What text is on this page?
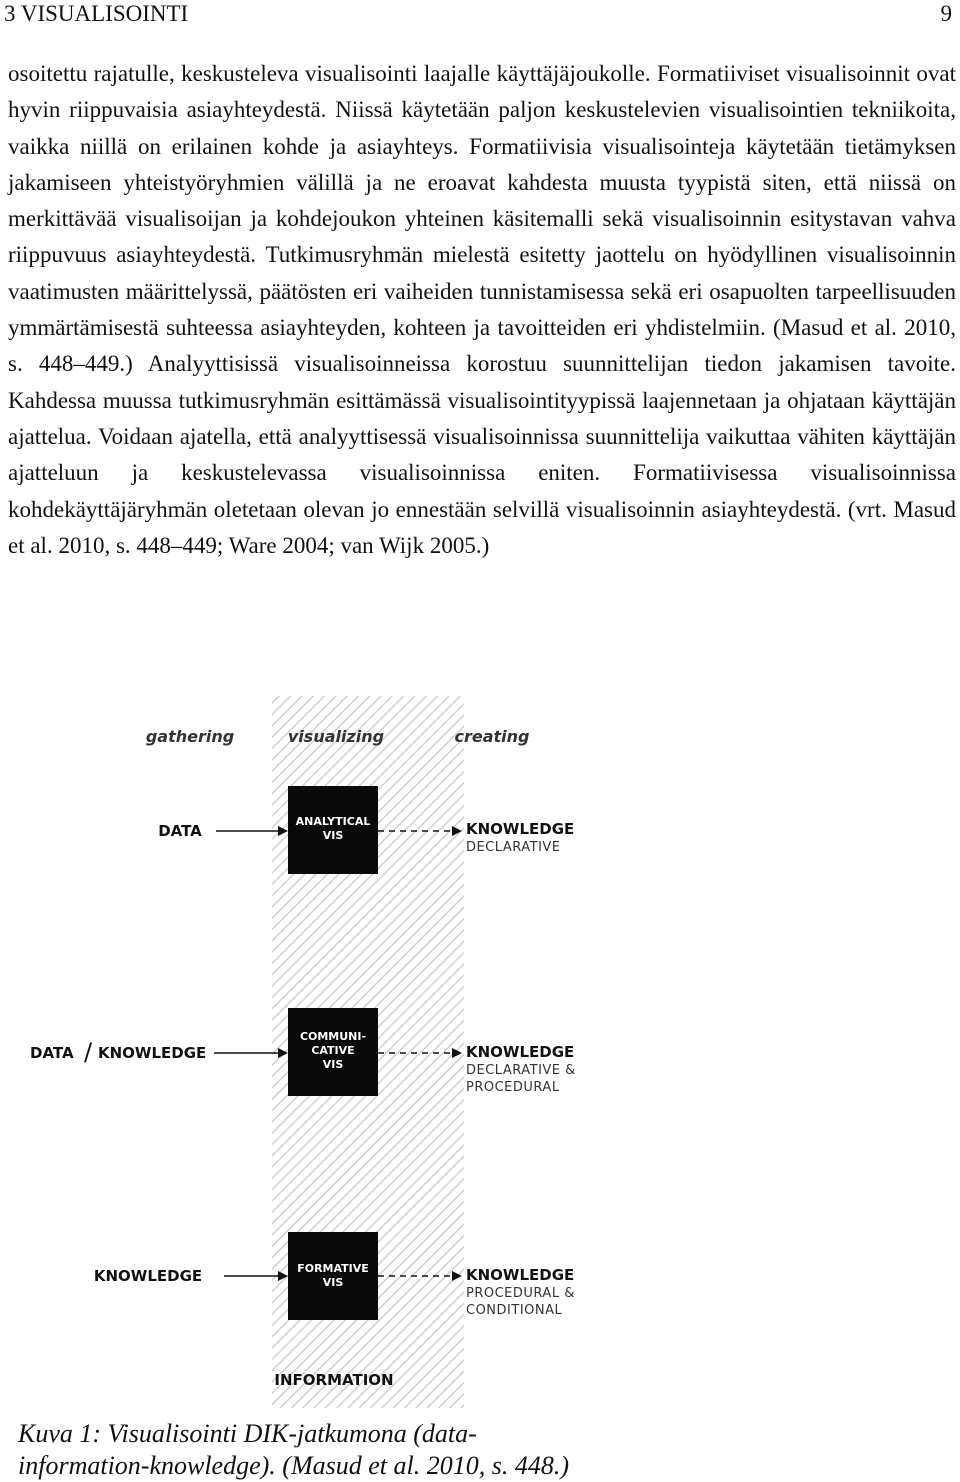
3 VISUALISOINTI	9

osoitettu rajatulle, keskusteleva visualisointi laajalle käyttäjäjoukolle. Formatiiviset visualisoinnit ovat hyvin riippuvaisia asiayhteydestä. Niissä käytetään paljon keskustelevien visualisointien tekniikoita, vaikka niillä on erilainen kohde ja asiayhteys. Formatiivisia visualisointeja käytetään tietämyksen jakamiseen yhteistyöryhmien välillä ja ne eroavat kahdesta muusta tyypistä siten, että niissä on merkittävää visualisoijan ja kohdejoukon yhteinen käsitemalli sekä visualisoinnin esitystavan vahva riippuvuus asiayhteydestä. Tutkimusryhmän mielestä esitetty jaottelu on hyödyllinen visualisoinnin vaatimusten määrittelyssä, päätösten eri vaiheiden tunnistamisessa sekä eri osapuolten tarpeellisuuden ymmärtämisestä suhteessa asiayhteyden, kohteen ja tavoitteiden eri yhdistelmiin. (Masud et al. 2010, s. 448–449.) Analyyttisissä visualisoinneissa korostuu suunnittelijan tiedon jakamisen tavoite. Kahdessa muussa tutkimusryhmän esittämässä visualisointityypissä laajennetaan ja ohjataan käyttäjän ajattelua. Voidaan ajatella, että analyyttisessä visualisoinnissa suunnittelija vaikuttaa vähiten käyttäjän ajatteluun ja keskustelevassa visualisoinnissa eniten. Formatiivisessa visualisoinnissa kohdekäyttäjäryhmän oletetaan olevan jo ennestään selvillä visualisoinnin asiayhteydestä. (vrt. Masud et al. 2010, s. 448–449; Ware 2004; van Wijk 2005.)

gathering	visualizing	creating
DATA
ANALYTICAL
VIS	KNOWLEDGE
DECLARATIVE
DATA / KNOWLEDGE
COMMUNI-
CATIVE
VIS
KNOWLEDGE
DECLARATIVE &
PROCEDURAL
KNOWLEDGE	FORMATIVE
VIS	KNOWLEDGE
PROCEDURAL &
CONDITIONAL
INFORMATION
Kuva 1: Visualisointi DIK-jatkumona (data-
information-knowledge). (Masud et al. 2010, s. 448.)
